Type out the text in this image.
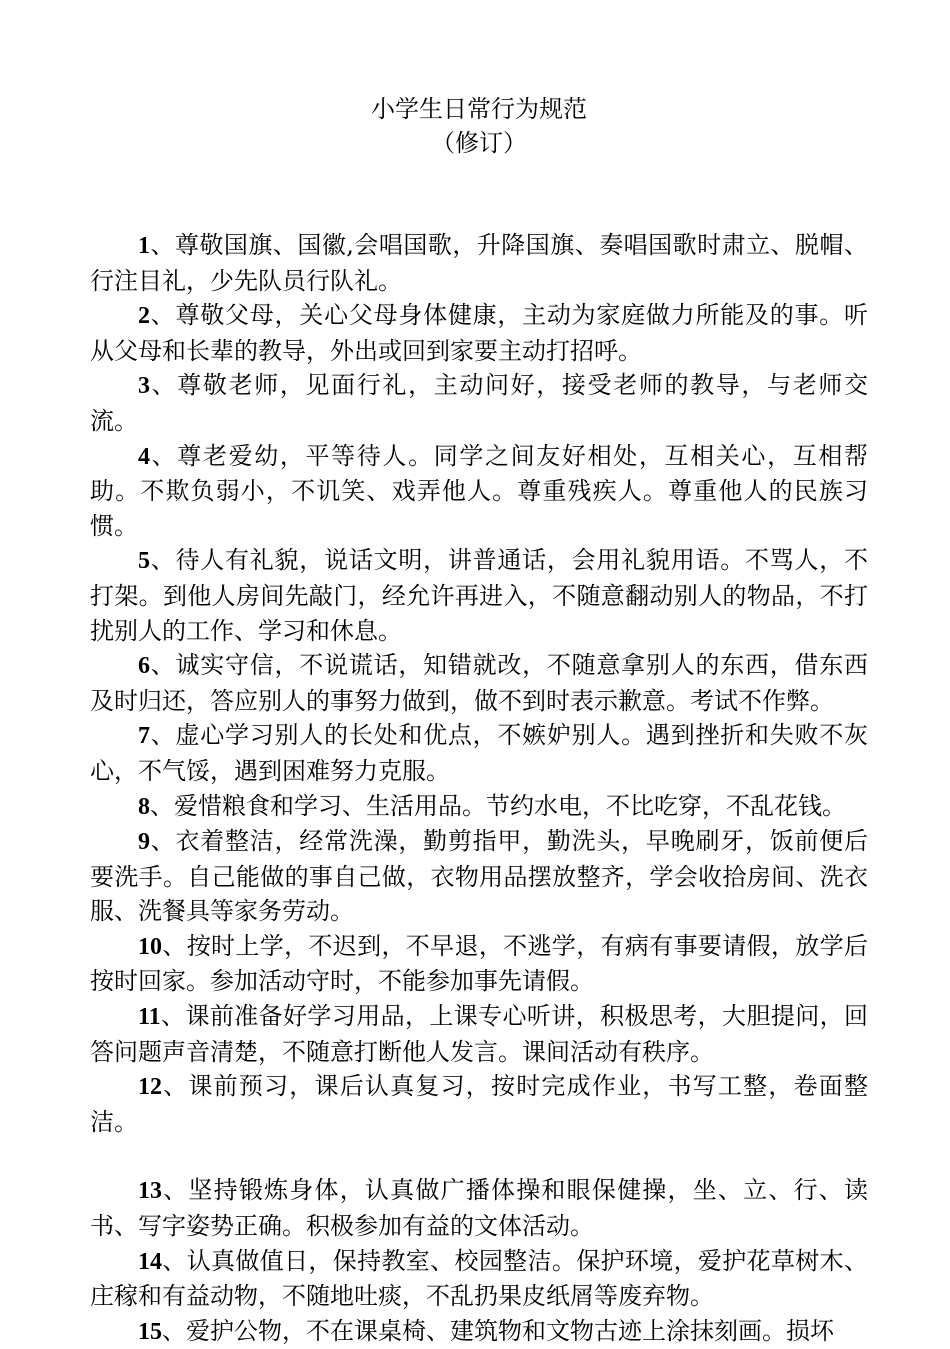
小学生日常行为规范

（修订）

1、尊敬国旗、国徽,会唱国歌，升降国旗、奏唱国歌时肃立、脱帽、行注目礼，少先队员行队礼。

2、尊敬父母，关心父母身体健康，主动为家庭做力所能及的事。听从父母和长辈的教导，外出或回到家要主动打招呼。

3、尊敬老师，见面行礼，主动问好，接受老师的教导，与老师交流。

4、尊老爱幼，平等待人。同学之间友好相处，互相关心，互相帮助。不欺负弱小，不讥笑、戏弄他人。尊重残疾人。尊重他人的民族习惯。

5、待人有礼貌，说话文明，讲普通话，会用礼貌用语。不骂人，不打架。到他人房间先敲门，经允许再进入，不随意翻动别人的物品，不打扰别人的工作、学习和休息。

6、诚实守信，不说谎话，知错就改，不随意拿别人的东西，借东西及时归还，答应别人的事努力做到，做不到时表示歉意。考试不作弊。

7、虚心学习别人的长处和优点，不嫉妒别人。遇到挫折和失败不灰心，不气馁，遇到困难努力克服。

8、爱惜粮食和学习、生活用品。节约水电，不比吃穿，不乱花钱。

9、衣着整洁，经常洗澡，勤剪指甲，勤洗头，早晚刷牙，饭前便后要洗手。自己能做的事自己做，衣物用品摆放整齐，学会收拾房间、洗衣服、洗餐具等家务劳动。

10、按时上学，不迟到，不早退，不逃学，有病有事要请假，放学后按时回家。参加活动守时，不能参加事先请假。

11、课前准备好学习用品，上课专心听讲，积极思考，大胆提问，回答问题声音清楚，不随意打断他人发言。课间活动有秩序。

12、课前预习，课后认真复习，按时完成作业，书写工整，卷面整洁。

13、坚持锻炼身体，认真做广播体操和眼保健操，坐、立、行、读书、写字姿势正确。积极参加有益的文体活动。

14、认真做值日，保持教室、校园整洁。保护环境，爱护花草树木、庄稼和有益动物，不随地吐痰，不乱扔果皮纸屑等废弃物。

15、爱护公物，不在课桌椅、建筑物和文物古迹上涂抹刻画。损坏
